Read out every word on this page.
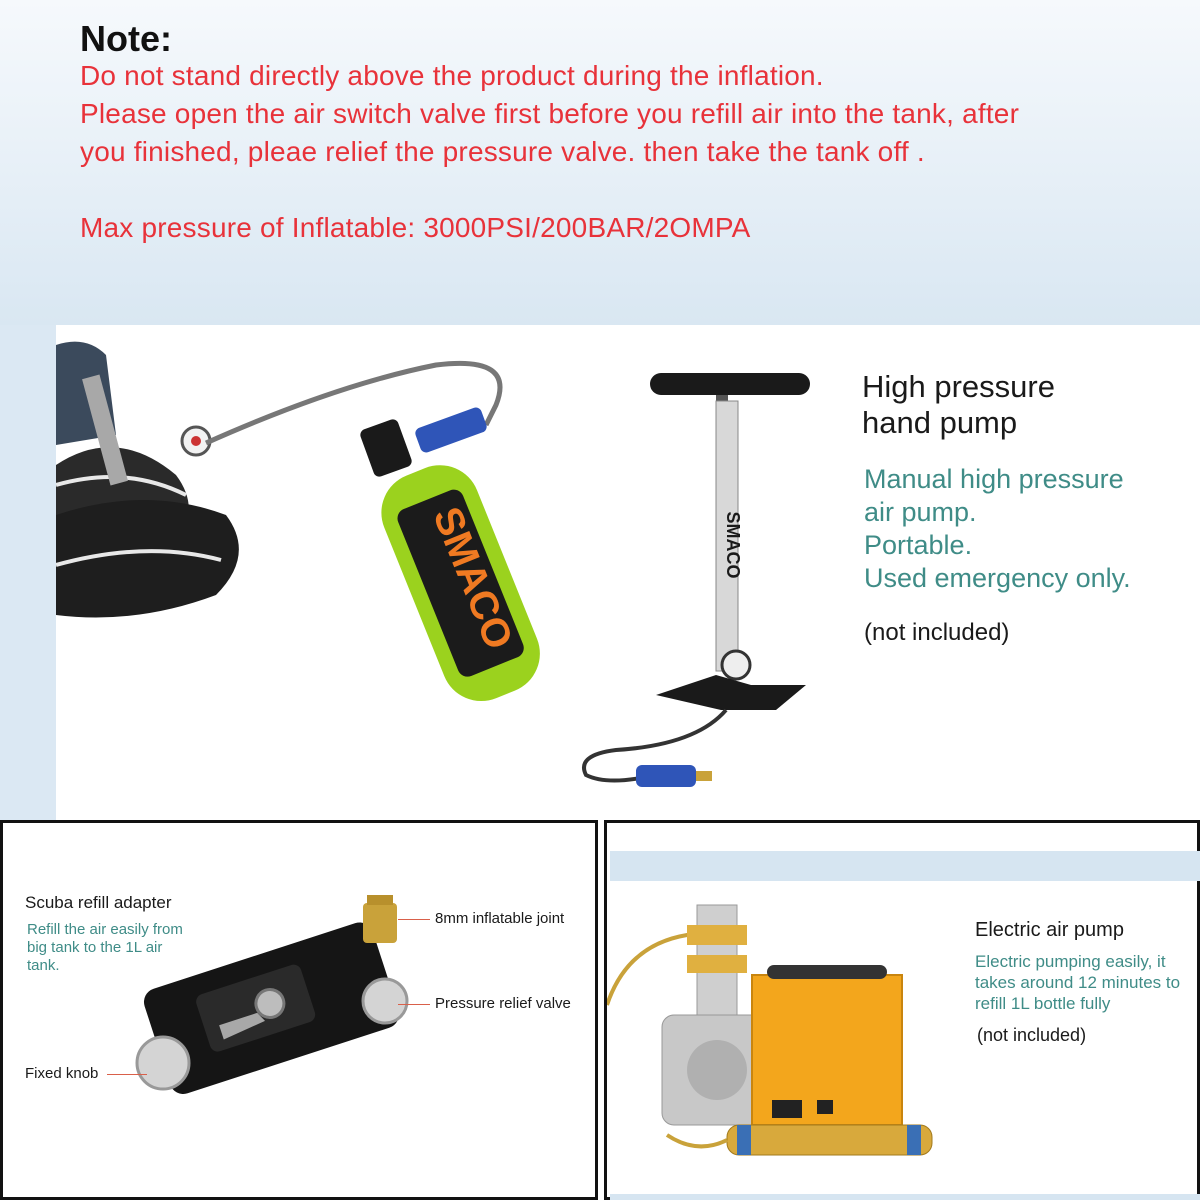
Note:
Do not stand directly above the product during the inflation.
Please open the air switch valve first before you refill air into the tank, after
you finished, pleae relief the pressure valve. then take the tank off .
Max pressure of Inflatable: 3000PSI/200BAR/2OMPA
SMACO	SMACO
High pressure
hand pump
Manual high pressure
air pump.
Portable.
Used emergency only.
(not included)
Scuba refill adapter
Refill the air easily from big tank to the 1L air tank.
8mm inflatable joint
Pressure relief valve
Fixed knob
Electric air pump
Electric pumping easily, it takes around 12 minutes to refill 1L bottle fully
(not included)
